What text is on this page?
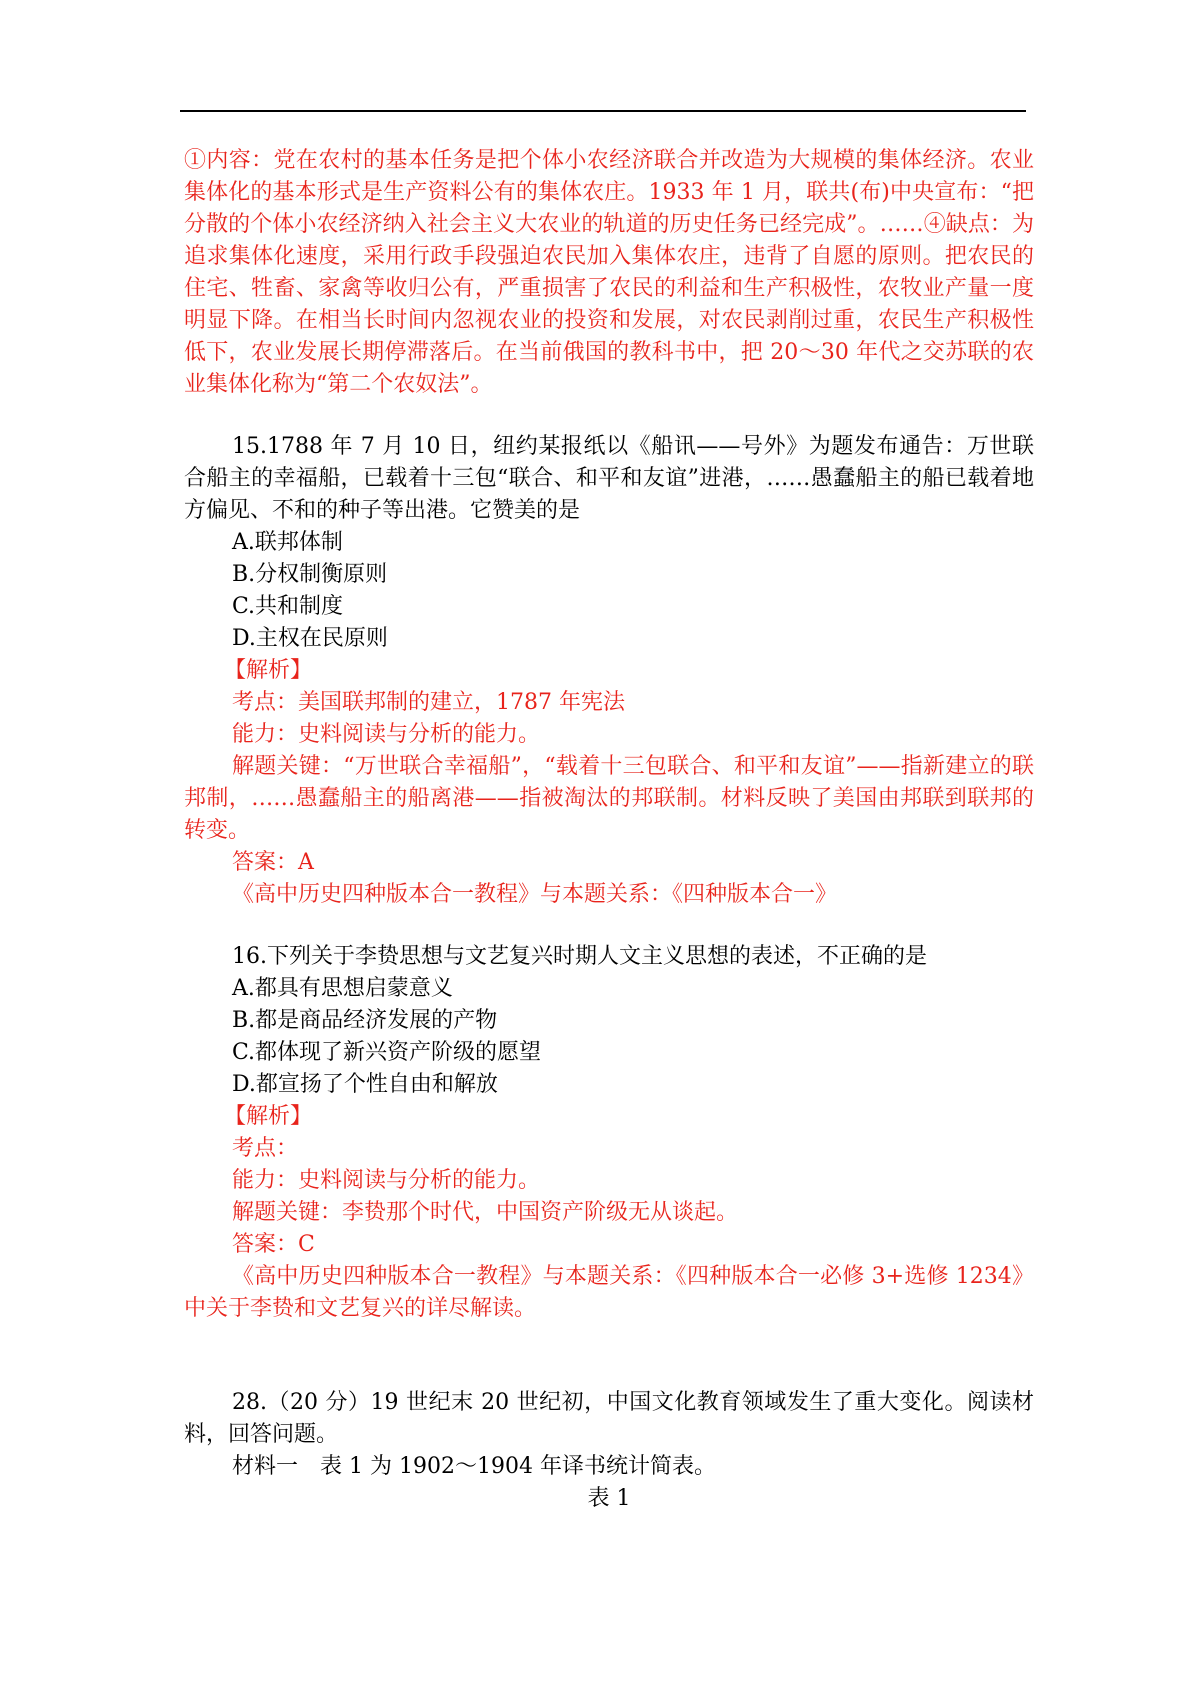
①内容：党在农村的基本任务是把个体小农经济联合并改造为大规模的集体经济。农业集体化的基本形式是生产资料公有的集体农庄。1933 年 1 月，联共(布)中央宣布：“把分散的个体小农经济纳入社会主义大农业的轨道的历史任务已经完成”。……④缺点：为追求集体化速度，采用行政手段强迫农民加入集体农庄，违背了自愿的原则。把农民的住宅、牲畜、家禽等收归公有，严重损害了农民的利益和生产积极性，农牧业产量一度明显下降。在相当长时间内忽视农业的投资和发展，对农民剥削过重，农民生产积极性低下，农业发展长期停滞落后。在当前俄国的教科书中，把 20～30 年代之交苏联的农业集体化称为“第二个农奴法”。

15.1788 年 7 月 10 日，纽约某报纸以《船讯——号外》为题发布通告：万世联合船主的幸福船，已载着十三包“联合、和平和友谊”进港，……愚蠢船主的船已载着地方偏见、不和的种子等出港。它赞美的是

A.联邦体制

B.分权制衡原则

C.共和制度

D.主权在民原则

【解析】

考点：美国联邦制的建立，1787 年宪法

能力：史料阅读与分析的能力。

解题关键：“万世联合幸福船”，“载着十三包联合、和平和友谊”——指新建立的联邦制，……愚蠢船主的船离港——指被淘汰的邦联制。材料反映了美国由邦联到联邦的转变。

答案：A

《高中历史四种版本合一教程》与本题关系：《四种版本合一》

16.下列关于李贽思想与文艺复兴时期人文主义思想的表述，不正确的是

A.都具有思想启蒙意义

B.都是商品经济发展的产物

C.都体现了新兴资产阶级的愿望

D.都宣扬了个性自由和解放

【解析】

考点：

能力：史料阅读与分析的能力。

解题关键：李贽那个时代，中国资产阶级无从谈起。

答案：C

《高中历史四种版本合一教程》与本题关系：《四种版本合一必修 3+选修 1234》中关于李贽和文艺复兴的详尽解读。

28.（20 分）19 世纪末 20 世纪初，中国文化教育领域发生了重大变化。阅读材料，回答问题。

材料一　表 1 为 1902～1904 年译书统计简表。

表 1
